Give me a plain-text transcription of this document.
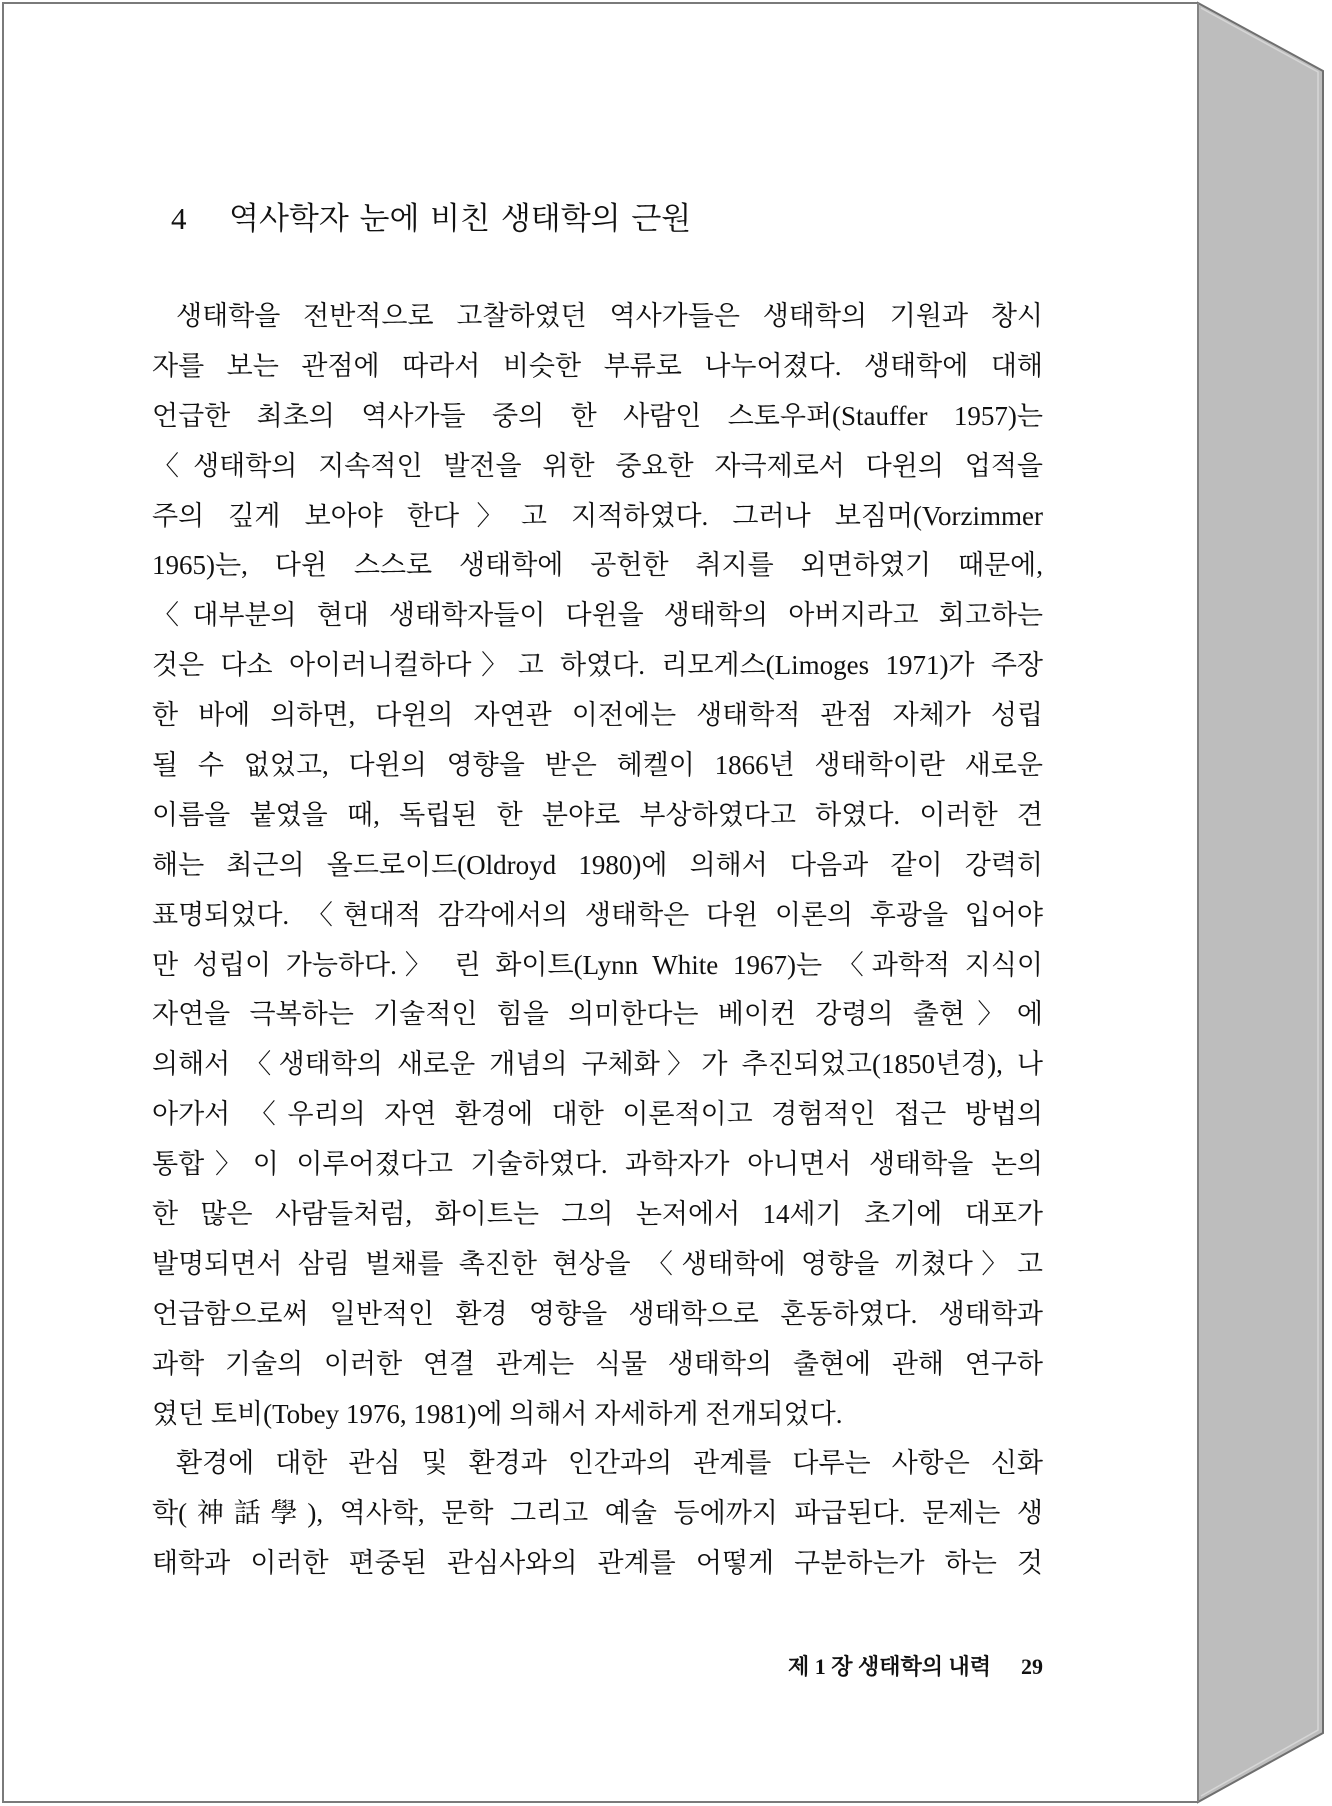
4 역사학자 눈에 비친 생태학의 근원
생태학을 전반적으로 고찰하였던 역사가들은 생태학의 기원과 창시
자를 보는 관점에 따라서 비슷한 부류로 나누어졌다. 생태학에 대해
언급한 최초의 역사가들 중의 한 사람인 스토우퍼(Stauffer 1957)는
〈생태학의 지속적인 발전을 위한 중요한 자극제로서 다윈의 업적을
주의 깊게 보아야 한다〉고 지적하였다. 그러나 보짐머(Vorzimmer
1965)는, 다윈 스스로 생태학에 공헌한 취지를 외면하였기 때문에,
〈대부분의 현대 생태학자들이 다윈을 생태학의 아버지라고 회고하는
것은 다소 아이러니컬하다〉고 하였다. 리모게스(Limoges 1971)가 주장
한 바에 의하면, 다윈의 자연관 이전에는 생태학적 관점 자체가 성립
될 수 없었고, 다윈의 영향을 받은 헤켈이 1866년 생태학이란 새로운
이름을 붙였을 때, 독립된 한 분야로 부상하였다고 하였다. 이러한 견
해는 최근의 올드로이드(Oldroyd 1980)에 의해서 다음과 같이 강력히
표명되었다. 〈현대적 감각에서의 생태학은 다윈 이론의 후광을 입어야
만 성립이 가능하다.〉 린 화이트(Lynn White 1967)는 〈과학적 지식이
자연을 극복하는 기술적인 힘을 의미한다는 베이컨 강령의 출현〉에
의해서 〈생태학의 새로운 개념의 구체화〉가 추진되었고(1850년경), 나
아가서 〈우리의 자연 환경에 대한 이론적이고 경험적인 접근 방법의
통합〉이 이루어졌다고 기술하였다. 과학자가 아니면서 생태학을 논의
한 많은 사람들처럼, 화이트는 그의 논저에서 14세기 초기에 대포가
발명되면서 삼림 벌채를 촉진한 현상을 〈생태학에 영향을 끼쳤다〉고
언급함으로써 일반적인 환경 영향을 생태학으로 혼동하였다. 생태학과
과학 기술의 이러한 연결 관계는 식물 생태학의 출현에 관해 연구하
였던 토비(Tobey 1976, 1981)에 의해서 자세하게 전개되었다.
환경에 대한 관심 및 환경과 인간과의 관계를 다루는 사항은 신화
학(神話學), 역사학, 문학 그리고 예술 등에까지 파급된다. 문제는 생
태학과 이러한 편중된 관심사와의 관계를 어떻게 구분하는가 하는 것
제 1 장 생태학의 내력 29
